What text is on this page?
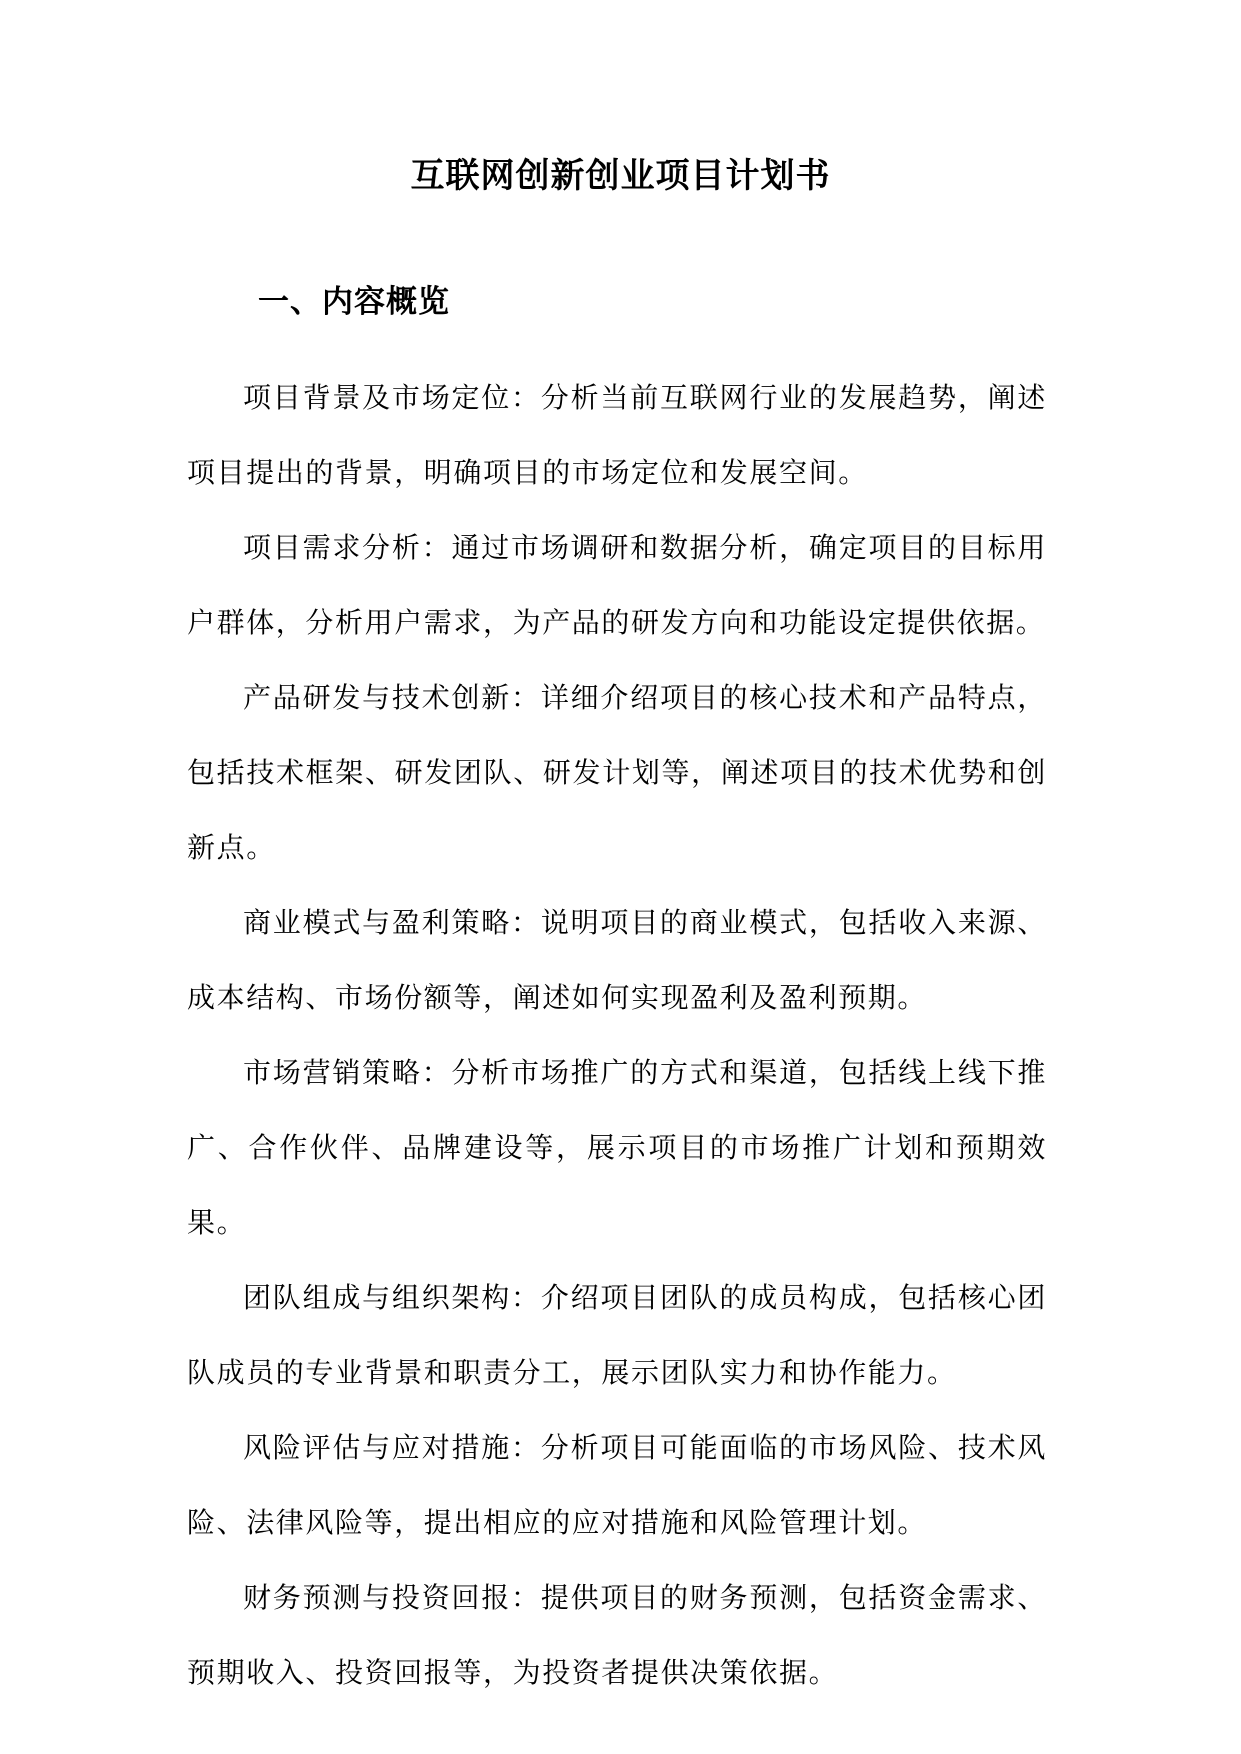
互联网创新创业项目计划书
一、内容概览

项目背景及市场定位：分析当前互联网行业的发展趋势，阐述项目提出的背景，明确项目的市场定位和发展空间。

项目需求分析：通过市场调研和数据分析，确定项目的目标用户群体，分析用户需求，为产品的研发方向和功能设定提供依据。

产品研发与技术创新：详细介绍项目的核心技术和产品特点，包括技术框架、研发团队、研发计划等，阐述项目的技术优势和创新点。

商业模式与盈利策略：说明项目的商业模式，包括收入来源、成本结构、市场份额等，阐述如何实现盈利及盈利预期。

市场营销策略：分析市场推广的方式和渠道，包括线上线下推广、合作伙伴、品牌建设等，展示项目的市场推广计划和预期效果。

团队组成与组织架构：介绍项目团队的成员构成，包括核心团队成员的专业背景和职责分工，展示团队实力和协作能力。

风险评估与应对措施：分析项目可能面临的市场风险、技术风险、法律风险等，提出相应的应对措施和风险管理计划。

财务预测与投资回报：提供项目的财务预测，包括资金需求、预期收入、投资回报等，为投资者提供决策依据。
